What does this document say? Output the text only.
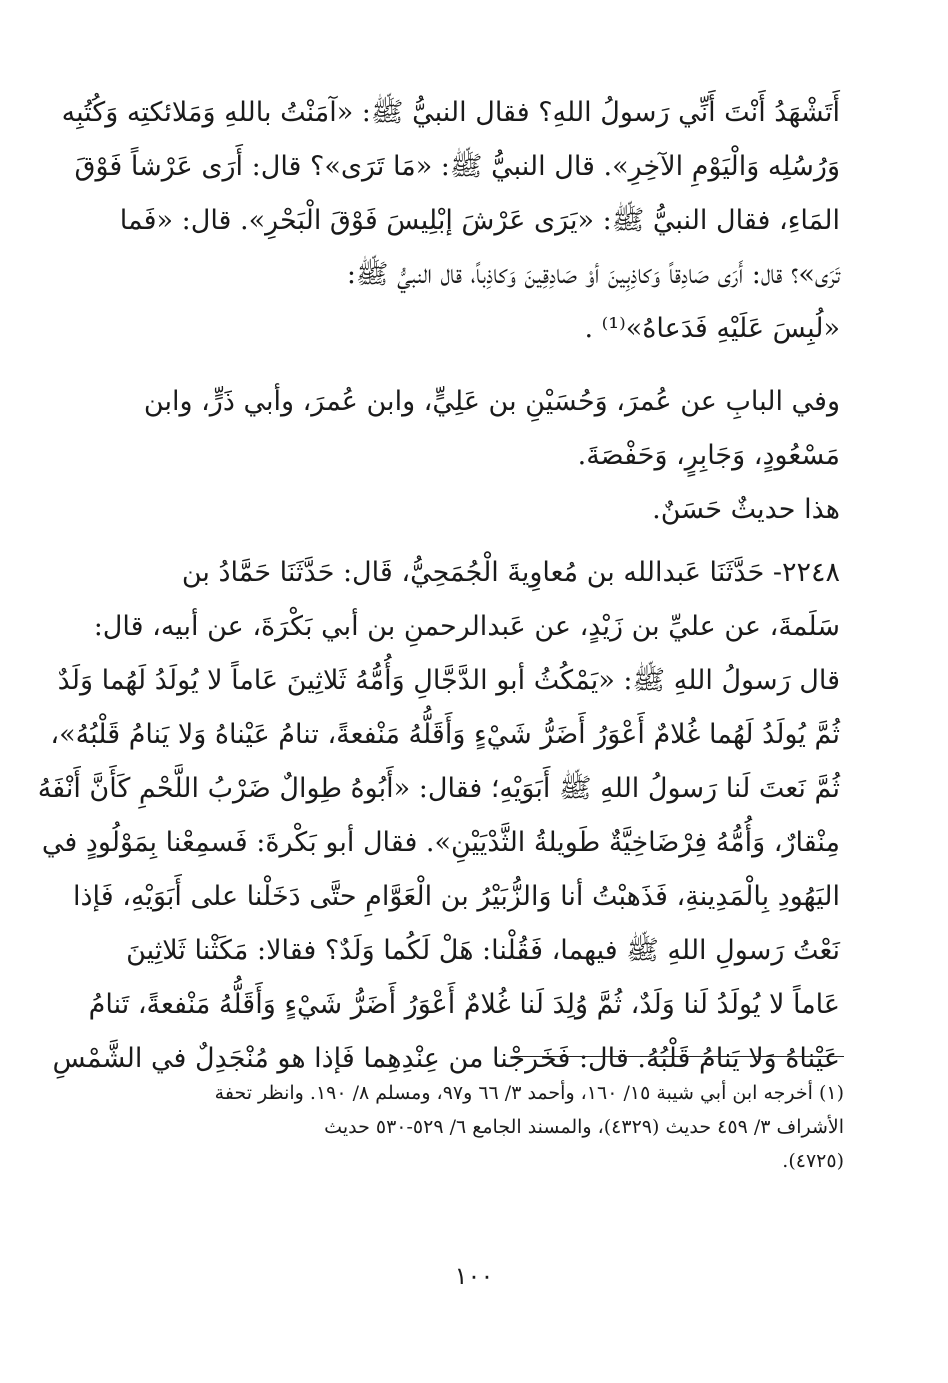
أَتَشْهَدُ أَنْتَ أَنِّي رَسولُ اللهِ؟ فقال النبيُّ ﷺ: «آمَنْتُ باللهِ وَمَلائكتِه وَكُتُبِه
وَرُسُلِه وَالْيَوْمِ الآخِرِ». قال النبيُّ ﷺ: «مَا تَرَى»؟ قال: أَرَى عَرْشاً فَوْقَ
المَاءِ، فقال النبيُّ ﷺ: «يَرَى عَرْشَ إبْلِيسَ فَوْقَ الْبَحْرِ». قال: «فَما
تَرَى»؟ قال: أَرَى صَادِقاً وَكاذِبِينَ أوْ صَادِقِينَ وَكاذِباً، قال النبيُّ ﷺ:
«لُبِسَ عَلَيْهِ فَدَعاهُ»⁽¹⁾ .
وفي البابِ عن عُمرَ، وَحُسَيْنِ بن عَلِيٍّ، وابن عُمرَ، وأبي ذَرٍّ، وابن
مَسْعُودٍ، وَجَابِرٍ، وَحَفْصَةَ.
هذا حديثٌ حَسَنٌ.
٢٢٤٨- حَدَّثَنَا عَبدالله بن مُعاوِيةَ الْجُمَحِيُّ، قَال: حَدَّثَنَا حَمَّادُ بن
سَلَمةَ، عن عليِّ بن زَيْدٍ، عن عَبدالرحمنِ بن أبي بَكْرَةَ، عن أبيه، قال:
قال رَسولُ اللهِ ﷺ: «يَمْكُثُ أبو الدَّجَّالِ وَأُمُّهُ ثَلاثِينَ عَاماً لا يُولَدُ لَهُما وَلَدٌ
ثُمَّ يُولَدُ لَهُما غُلامٌ أَعْوَرُ أَضَرُّ شَيْءٍ وَأَقَلُّهُ مَنْفعةً، تنامُ عَيْناهُ وَلا يَنامُ قَلْبُهُ»،
ثُمَّ نَعتَ لَنا رَسولُ اللهِ ﷺ أَبَوَيْهِ؛ فقال: «أَبُوهُ طِوالٌ ضَرْبُ اللَّحْمِ كَأَنَّ أَنْفَهُ
مِنْقارٌ، وَأُمُّهُ فِرْضَاخِيَّةٌ طَويلةُ الثَّدْيَيْنِ». فقال أبو بَكْرةَ: فَسمِعْنا بِمَوْلُودٍ في
اليَهُودِ بِالْمَدِينةِ، فَذَهبْتُ أنا وَالزُّبَيْرُ بن الْعَوَّامِ حتَّى دَخَلْنا على أَبَوَيْهِ، فَإذا
نَعْتُ رَسولِ اللهِ ﷺ فيهما، فَقُلْنا: هَلْ لَكُما وَلَدٌ؟ فقالا: مَكَثْنا ثَلاثِينَ
عَاماً لا يُولَدُ لَنا وَلَدٌ، ثُمَّ وُلِدَ لَنا غُلامٌ أَعْوَرُ أَضَرُّ شَيْءٍ وَأَقَلُّهُ مَنْفعةً، تَنامُ
عَيْناهُ وَلا يَنامُ قَلْبُهُ. قال: فَخَرجْنا من عِنْدِهِما فَإذا هو مُنْجَدِلٌ في الشَّمْسِ
(١) أخرجه ابن أبي شيبة ١٥/ ١٦٠، وأحمد ٣/ ٦٦ و٩٧، ومسلم ٨/ ١٩٠. وانظر تحفة
الأشراف ٣/ ٤٥٩ حديث (٤٣٢٩)، والمسند الجامع ٦/ ٥٢٩-٥٣٠ حديث
(٤٧٢٥).
١٠٠
